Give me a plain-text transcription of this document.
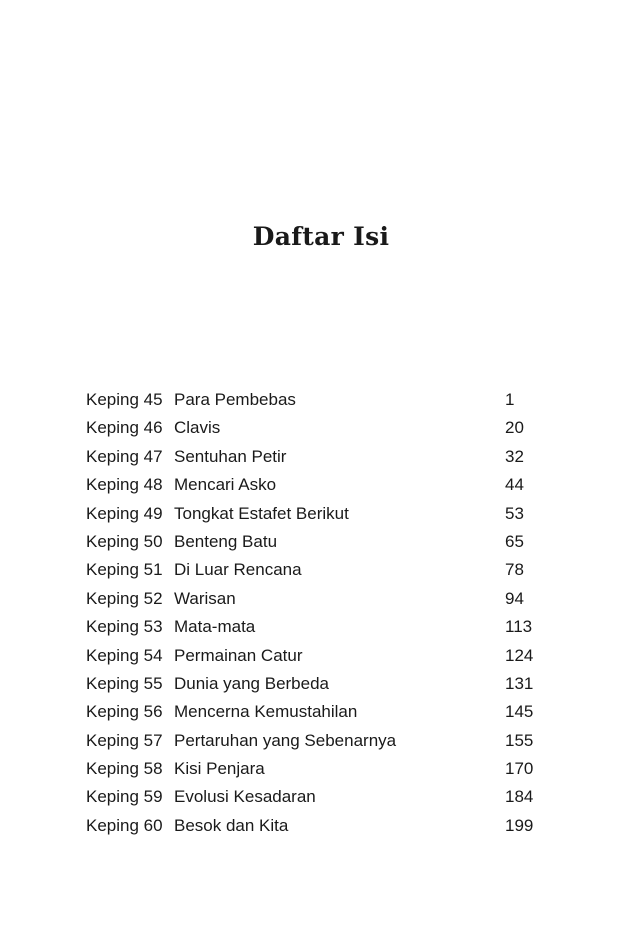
Daftar Isi
Keping 45 Para Pembebas	1
Keping 46 Clavis	20
Keping 47 Sentuhan Petir	32
Keping 48 Mencari Asko	44
Keping 49 Tongkat Estafet Berikut	53
Keping 50 Benteng Batu	65
Keping 51 Di Luar Rencana	78
Keping 52 Warisan	94
Keping 53 Mata-mata	113
Keping 54 Permainan Catur	124
Keping 55 Dunia yang Berbeda	131
Keping 56 Mencerna Kemustahilan	145
Keping 57 Pertaruhan yang Sebenarnya	155
Keping 58 Kisi Penjara	170
Keping 59 Evolusi Kesadaran	184
Keping 60 Besok dan Kita	199
